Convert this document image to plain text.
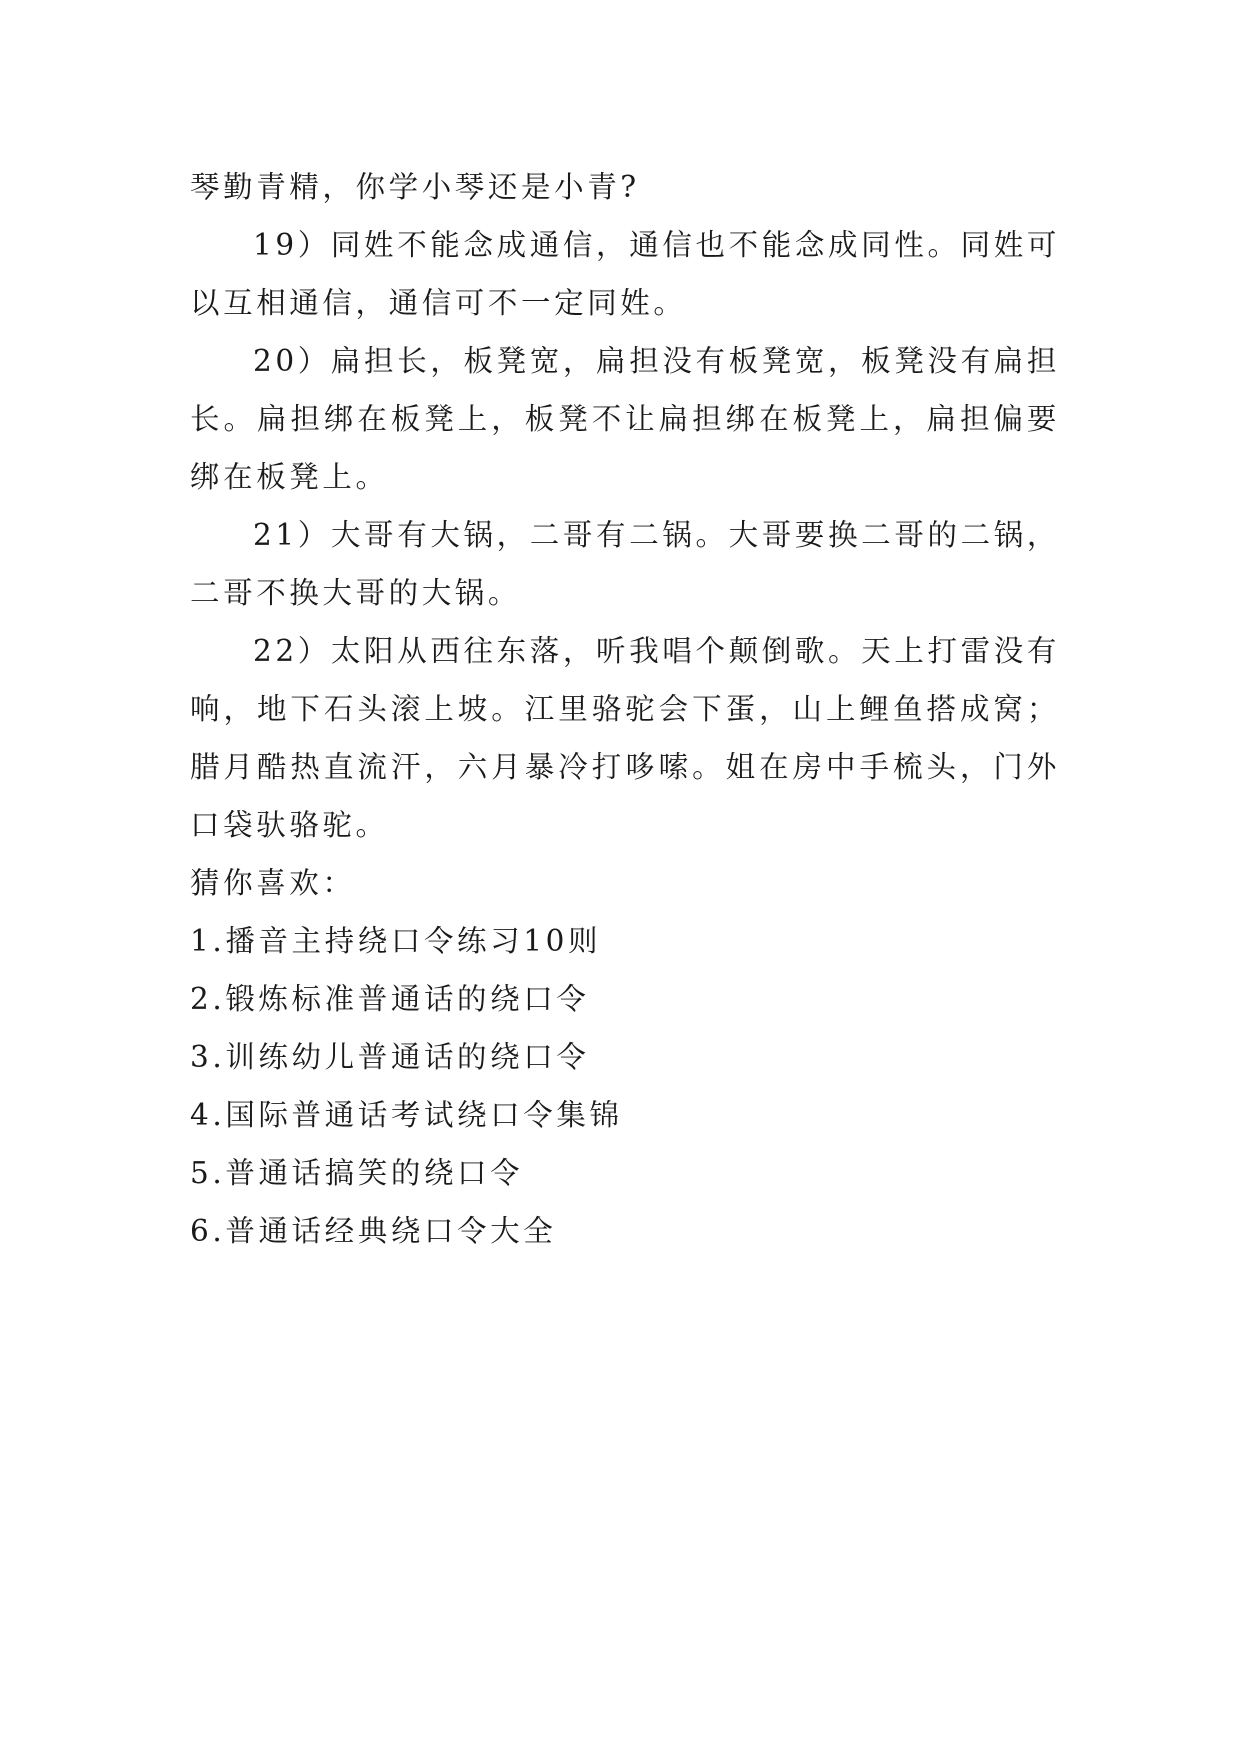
琴勤青精，你学小琴还是小青?

19）同姓不能念成通信，通信也不能念成同性。同姓可以互相通信，通信可不一定同姓。

20）扁担长，板凳宽，扁担没有板凳宽，板凳没有扁担长。扁担绑在板凳上，板凳不让扁担绑在板凳上，扁担偏要绑在板凳上。

21）大哥有大锅，二哥有二锅。大哥要换二哥的二锅，二哥不换大哥的大锅。

22）太阳从西往东落，听我唱个颠倒歌。天上打雷没有响，地下石头滚上坡。江里骆驼会下蛋，山上鲤鱼搭成窝；腊月酷热直流汗，六月暴冷打哆嗦。姐在房中手梳头，门外口袋驮骆驼。

猜你喜欢：

1.播音主持绕口令练习10则

2.锻炼标准普通话的绕口令

3.训练幼儿普通话的绕口令

4.国际普通话考试绕口令集锦

5.普通话搞笑的绕口令

6.普通话经典绕口令大全
